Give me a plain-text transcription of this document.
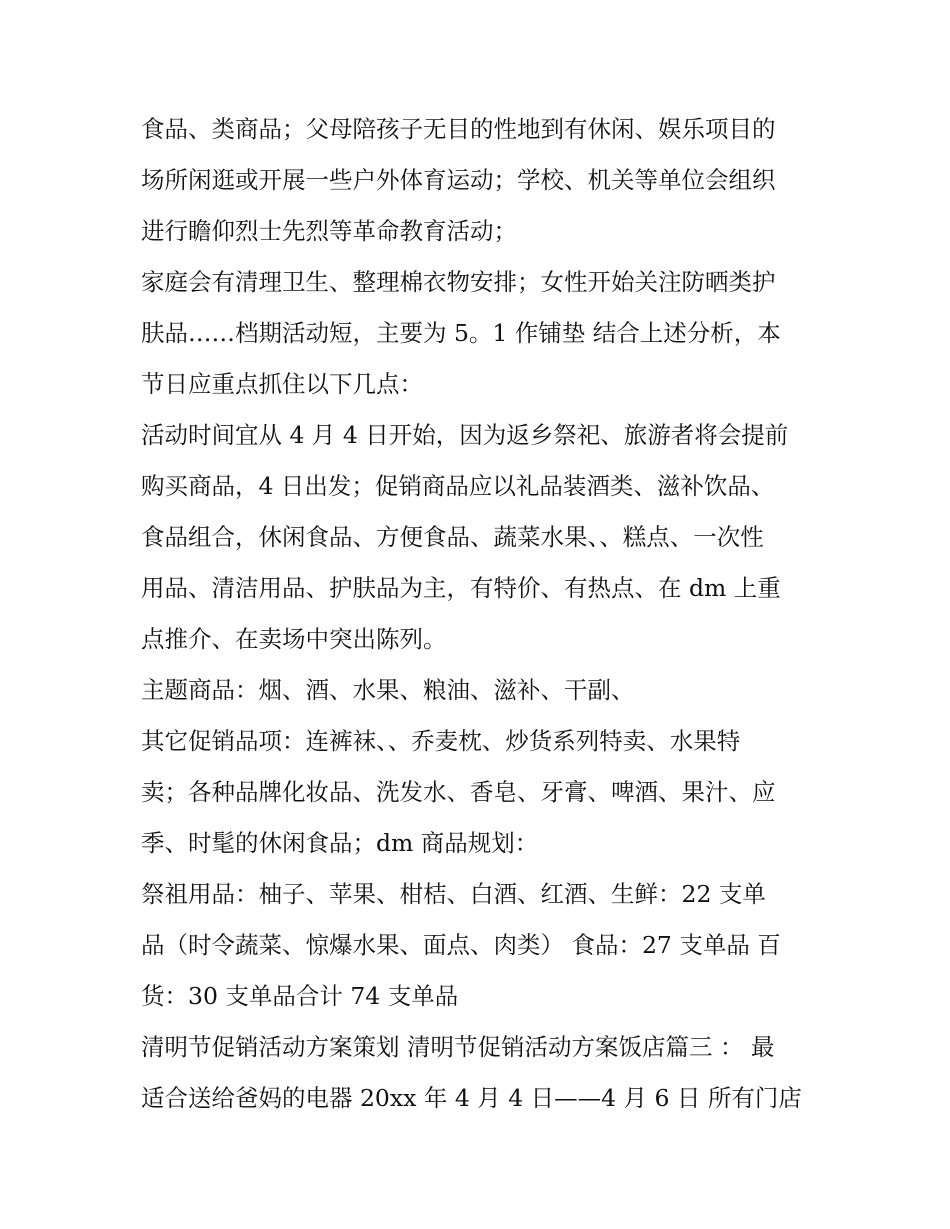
食品、类商品；父母陪孩子无目的性地到有休闲、娱乐项目的
场所闲逛或开展一些户外体育运动；学校、机关等单位会组织
进行瞻仰烈士先烈等革命教育活动；
家庭会有清理卫生、整理棉衣物安排；女性开始关注防晒类护
肤品……档期活动短，主要为 5。1 作铺垫 结合上述分析，本
节日应重点抓住以下几点：
活动时间宜从 4 月 4 日开始，因为返乡祭祀、旅游者将会提前
购买商品，4 日出发；促销商品应以礼品装酒类、滋补饮品、
食品组合，休闲食品、方便食品、蔬菜水果、、糕点、一次性
用品、清洁用品、护肤品为主，有特价、有热点、在 dm 上重
点推介、在卖场中突出陈列。
主题商品：烟、酒、水果、粮油、滋补、干副、
其它促销品项：连裤袜、、乔麦枕、炒货系列特卖、水果特
卖；各种品牌化妆品、洗发水、香皂、牙膏、啤酒、果汁、应
季、时髦的休闲食品；dm 商品规划：
祭祖用品：柚子、苹果、柑桔、白酒、红酒、生鲜：22 支单
品（时令蔬菜、惊爆水果、面点、肉类） 食品：27 支单品 百
货：30 支单品合计 74 支单品
清明节促销活动方案策划 清明节促销活动方案饭店篇三 ： 最
适合送给爸妈的电器 20xx 年 4 月 4 日——4 月 6 日 所有门店
